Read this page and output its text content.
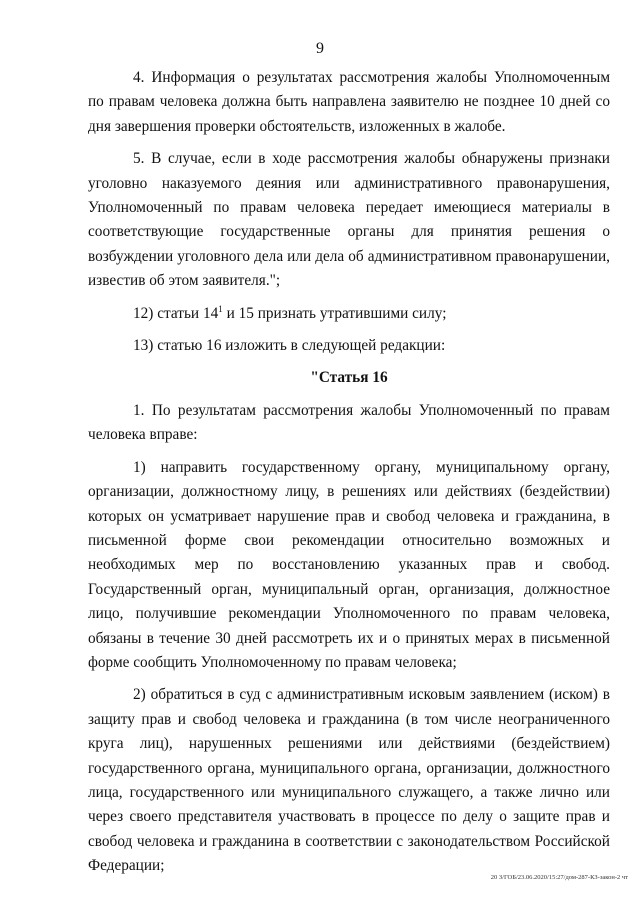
9

4. Информация о результатах рассмотрения жалобы Уполномоченным по правам человека должна быть направлена заявителю не позднее 10 дней со дня завершения проверки обстоятельств, изложенных в жалобе.

5. В случае, если в ходе рассмотрения жалобы обнаружены признаки уголовно наказуемого деяния или административного правонарушения, Уполномоченный по правам человека передает имеющиеся материалы в соответствующие государственные органы для принятия решения о возбуждении уголовного дела или дела об административном правонарушении, известив об этом заявителя.";

12) статьи $14^1$ и 15 признать утратившими силу;

13) статью 16 изложить в следующей редакции:

"Статья 16

1. По результатам рассмотрения жалобы Уполномоченный по правам человека вправе:

1) направить государственному органу, муниципальному органу, организации, должностному лицу, в решениях или действиях (бездействии) которых он усматривает нарушение прав и свобод человека и гражданина, в письменной форме свои рекомендации относительно возможных и необходимых мер по восстановлению указанных прав и свобод. Государственный орган, муниципальный орган, организация, должностное лицо, получившие рекомендации Уполномоченного по правам человека, обязаны в течение 30 дней рассмотреть их и о принятых мерах в письменной форме сообщить Уполномоченному по правам человека;

2) обратиться в суд с административным исковым заявлением (иском) в защиту прав и свобод человека и гражданина (в том числе неограниченного круга лиц), нарушенных решениями или действиями (бездействием) государственного органа, муниципального органа, организации, должностного лица, государственного или муниципального служащего, а также лично или через своего представителя участвовать в процессе по делу о защите прав и свобод человека и гражданина в соответствии с законодательством Российской Федерации;

20 З/ГОБ/23.06.2020/15:27/дом-287-КЗ-закон-2 чт
